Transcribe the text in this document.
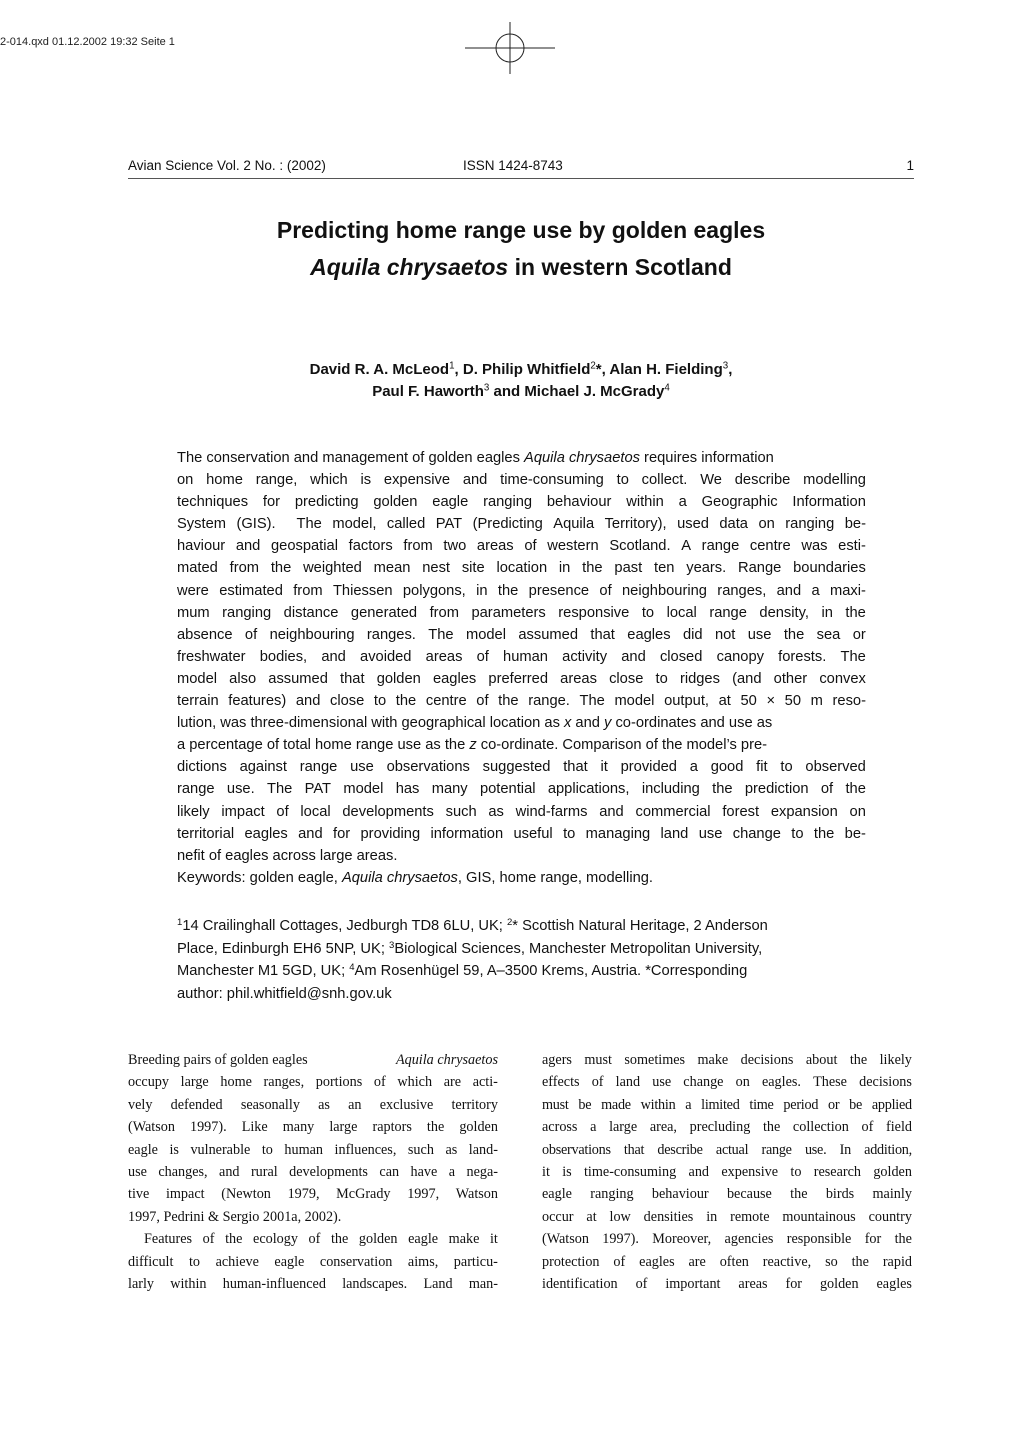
2-014.qxd 01.12.2002 19:32 Seite 1
Avian Science Vol. 2 No. : (2002)	ISSN 1424-8743	1
Predicting home range use by golden eagles
Aquila chrysaetos in western Scotland
David R. A. McLeod$^1$, D. Philip Whitfield$^2$*, Alan H. Fielding$^3$,
Paul F. Haworth$^3$ and Michael J. McGrady$^4$
The conservation and management of golden eagles Aquila chrysaetos requires information
on home range, which is expensive and time-consuming to collect. We describe modelling
techniques for predicting golden eagle ranging behaviour within a Geographic Information
System (GIS). The model, called PAT (Predicting Aquila Territory), used data on ranging be-
haviour and geospatial factors from two areas of western Scotland. A range centre was esti-
mated from the weighted mean nest site location in the past ten years. Range boundaries
were estimated from Thiessen polygons, in the presence of neighbouring ranges, and a maxi-
mum ranging distance generated from parameters responsive to local range density, in the
absence of neighbouring ranges. The model assumed that eagles did not use the sea or
freshwater bodies, and avoided areas of human activity and closed canopy forests. The
model also assumed that golden eagles preferred areas close to ridges (and other convex
terrain features) and close to the centre of the range. The model output, at 50 × 50 m reso-
lution, was three-dimensional with geographical location as x and y co-ordinates and use as
a percentage of total home range use as the z co-ordinate. Comparison of the model’s pre-
dictions against range use observations suggested that it provided a good fit to observed
range use. The PAT model has many potential applications, including the prediction of the
likely impact of local developments such as wind-farms and commercial forest expansion on
territorial eagles and for providing information useful to managing land use change to the be-
nefit of eagles across large areas.
Keywords: golden eagle, Aquila chrysaetos, GIS, home range, modelling.
$^1$14 Crailinghall Cottages, Jedburgh TD8 6LU, UK; $^2$* Scottish Natural Heritage, 2 Anderson
Place, Edinburgh EH6 5NP, UK; $^3$Biological Sciences, Manchester Metropolitan University,
Manchester M1 5GD, UK; $^4$Am Rosenhügel 59, A–3500 Krems, Austria. *Corresponding
author: phil.whitfield@snh.gov.uk
Breeding pairs of golden eagles	Aquila chrysaetos
occupy large home ranges, portions of which are acti-
vely defended seasonally as an exclusive territory
(Watson 1997). Like many large raptors the golden
eagle is vulnerable to human influences, such as land-
use changes, and rural developments can have a nega-
tive impact (Newton 1979, McGrady 1997, Watson
1997, Pedrini & Sergio 2001a, 2002).
Features of the ecology of the golden eagle make it
difficult to achieve eagle conservation aims, particu-
larly within human-influenced landscapes. Land man-
agers must sometimes make decisions about the likely
effects of land use change on eagles. These decisions
must be made within a limited time period or be applied
across a large area, precluding the collection of field
observations that describe actual range use. In addition,
it is time-consuming and expensive to research golden
eagle ranging behaviour because the birds mainly
occur at low densities in remote mountainous country
(Watson 1997). Moreover, agencies responsible for the
protection of eagles are often reactive, so the rapid
identification of important areas for golden eagles
